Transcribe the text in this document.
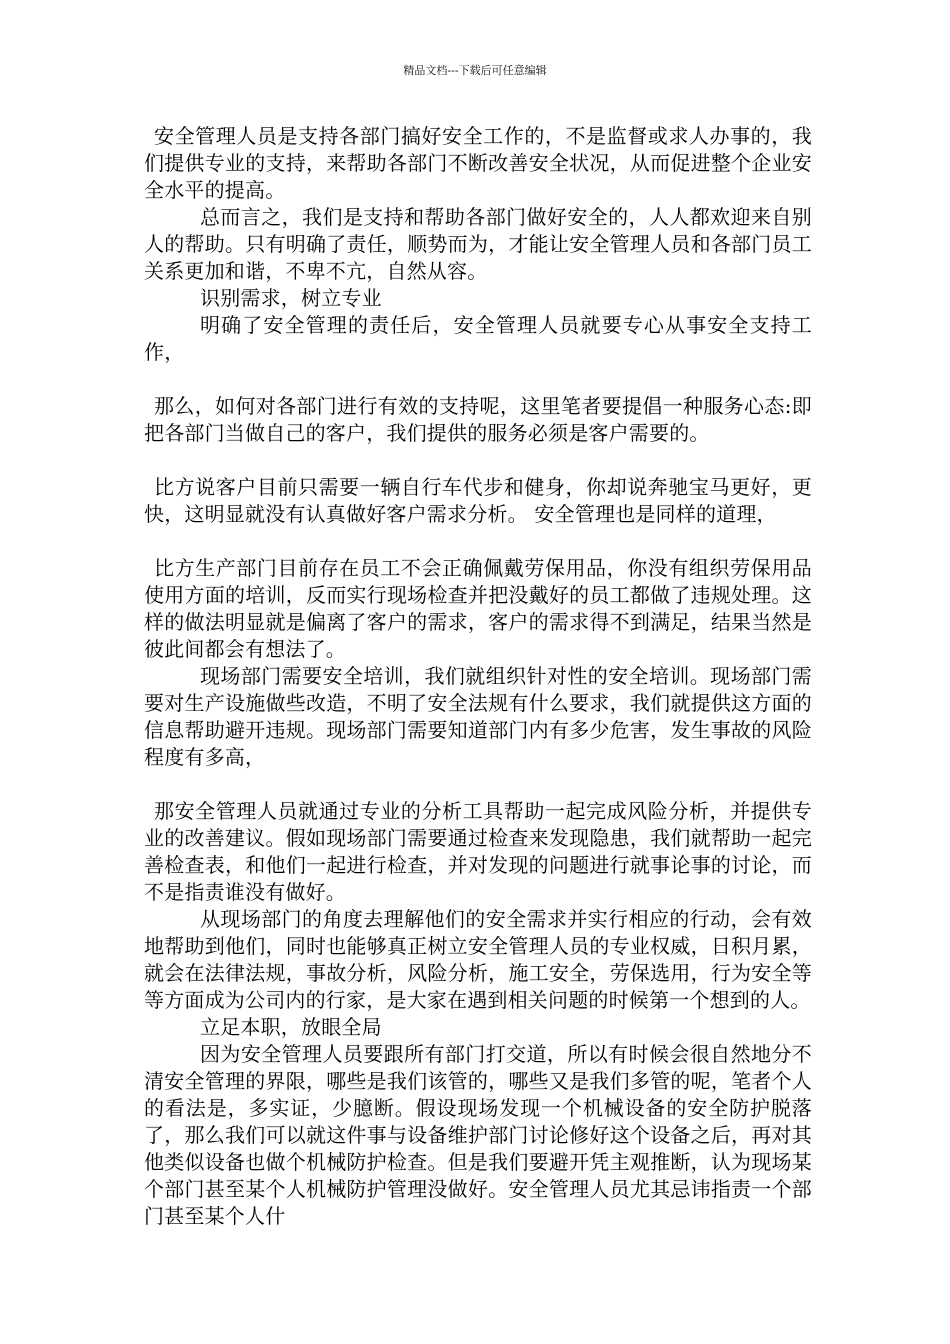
精品文档---下载后可任意编辑

安全管理人员是支持各部门搞好安全工作的，不是监督或求人办事的，我们提供专业的支持，来帮助各部门不断改善安全状况，从而促进整个企业安全水平的提高。

总而言之，我们是支持和帮助各部门做好安全的，人人都欢迎来自别人的帮助。只有明确了责任，顺势而为，才能让安全管理人员和各部门员工关系更加和谐，不卑不亢，自然从容。

识别需求，树立专业

明确了安全管理的责任后，安全管理人员就要专心从事安全支持工作，

那么，如何对各部门进行有效的支持呢，这里笔者要提倡一种服务心态:即把各部门当做自己的客户，我们提供的服务必须是客户需要的。

比方说客户目前只需要一辆自行车代步和健身，你却说奔驰宝马更好，更快，这明显就没有认真做好客户需求分析。 安全管理也是同样的道理，

比方生产部门目前存在员工不会正确佩戴劳保用品，你没有组织劳保用品使用方面的培训，反而实行现场检查并把没戴好的员工都做了违规处理。这样的做法明显就是偏离了客户的需求，客户的需求得不到满足，结果当然是彼此间都会有想法了。

现场部门需要安全培训，我们就组织针对性的安全培训。现场部门需要对生产设施做些改造，不明了安全法规有什么要求，我们就提供这方面的信息帮助避开违规。现场部门需要知道部门内有多少危害，发生事故的风险程度有多高，

那安全管理人员就通过专业的分析工具帮助一起完成风险分析，并提供专业的改善建议。假如现场部门需要通过检查来发现隐患，我们就帮助一起完善检查表，和他们一起进行检查，并对发现的问题进行就事论事的讨论，而不是指责谁没有做好。

从现场部门的角度去理解他们的安全需求并实行相应的行动，会有效地帮助到他们，同时也能够真正树立安全管理人员的专业权威，日积月累，就会在法律法规，事故分析，风险分析，施工安全，劳保选用，行为安全等等方面成为公司内的行家，是大家在遇到相关问题的时候第一个想到的人。

立足本职，放眼全局

因为安全管理人员要跟所有部门打交道，所以有时候会很自然地分不清安全管理的界限，哪些是我们该管的，哪些又是我们多管的呢，笔者个人的看法是，多实证，少臆断。假设现场发现一个机械设备的安全防护脱落了，那么我们可以就这件事与设备维护部门讨论修好这个设备之后，再对其他类似设备也做个机械防护检查。但是我们要避开凭主观推断，认为现场某个部门甚至某个人机械防护管理没做好。安全管理人员尤其忌讳指责一个部门甚至某个人什
